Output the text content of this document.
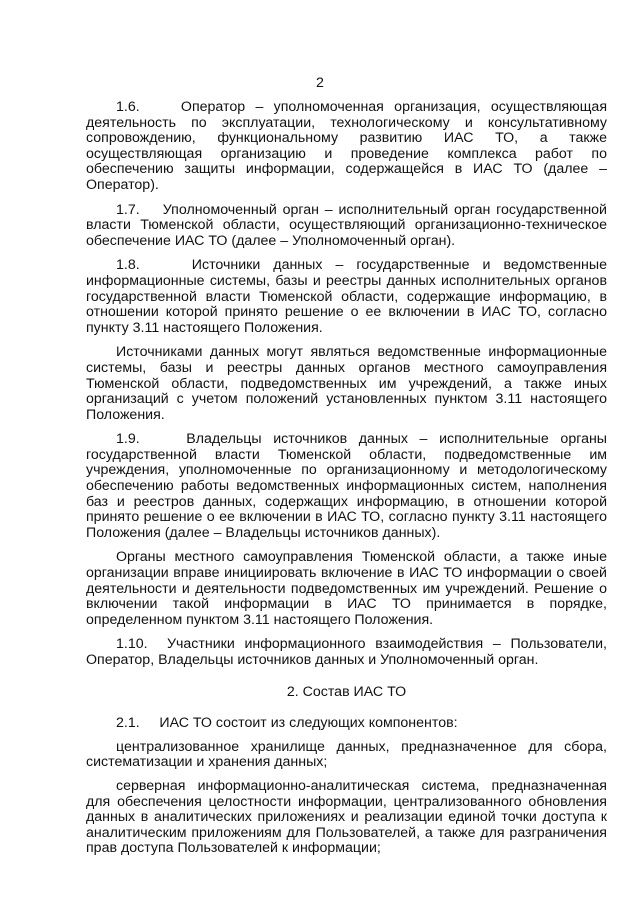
2

1.6.    Оператор – уполномоченная организация, осуществляющая деятельность по эксплуатации, технологическому и консультативному сопровождению, функциональному развитию ИАС ТО, а также осуществляющая организацию и проведение комплекса работ по обеспечению защиты информации, содержащейся в ИАС ТО (далее – Оператор).

1.7.    Уполномоченный орган – исполнительный орган государственной власти Тюменской области, осуществляющий организационно-техническое обеспечение ИАС ТО (далее – Уполномоченный орган).

1.8.    Источники данных – государственные и ведомственные информационные системы, базы и реестры данных исполнительных органов государственной власти Тюменской области, содержащие информацию, в отношении которой принято решение о ее включении в ИАС ТО, согласно пункту 3.11 настоящего Положения.

Источниками данных могут являться ведомственные информационные системы, базы и реестры данных органов местного самоуправления Тюменской области, подведомственных им учреждений, а также иных организаций с учетом положений установленных пунктом 3.11 настоящего Положения.

1.9.    Владельцы источников данных – исполнительные органы государственной власти Тюменской области, подведомственные им учреждения, уполномоченные по организационному и методологическому обеспечению работы ведомственных информационных систем, наполнения баз и реестров данных, содержащих информацию, в отношении которой принято решение о ее включении в ИАС ТО, согласно пункту 3.11 настоящего Положения (далее – Владельцы источников данных).

Органы местного самоуправления Тюменской области, а также иные организации вправе инициировать включение в ИАС ТО информации о своей деятельности и деятельности подведомственных им учреждений. Решение о включении такой информации в ИАС ТО принимается в порядке, определенном пунктом 3.11 настоящего Положения.

1.10.  Участники информационного взаимодействия – Пользователи, Оператор, Владельцы источников данных и Уполномоченный орган.

2. Состав ИАС ТО

2.1.     ИАС ТО состоит из следующих компонентов:

централизованное хранилище данных, предназначенное для сбора, систематизации и хранения данных;

серверная информационно-аналитическая система, предназначенная для обеспечения целостности информации, централизованного обновления данных в аналитических приложениях и реализации единой точки доступа к аналитическим приложениям для Пользователей, а также для разграничения прав доступа Пользователей к информации;
